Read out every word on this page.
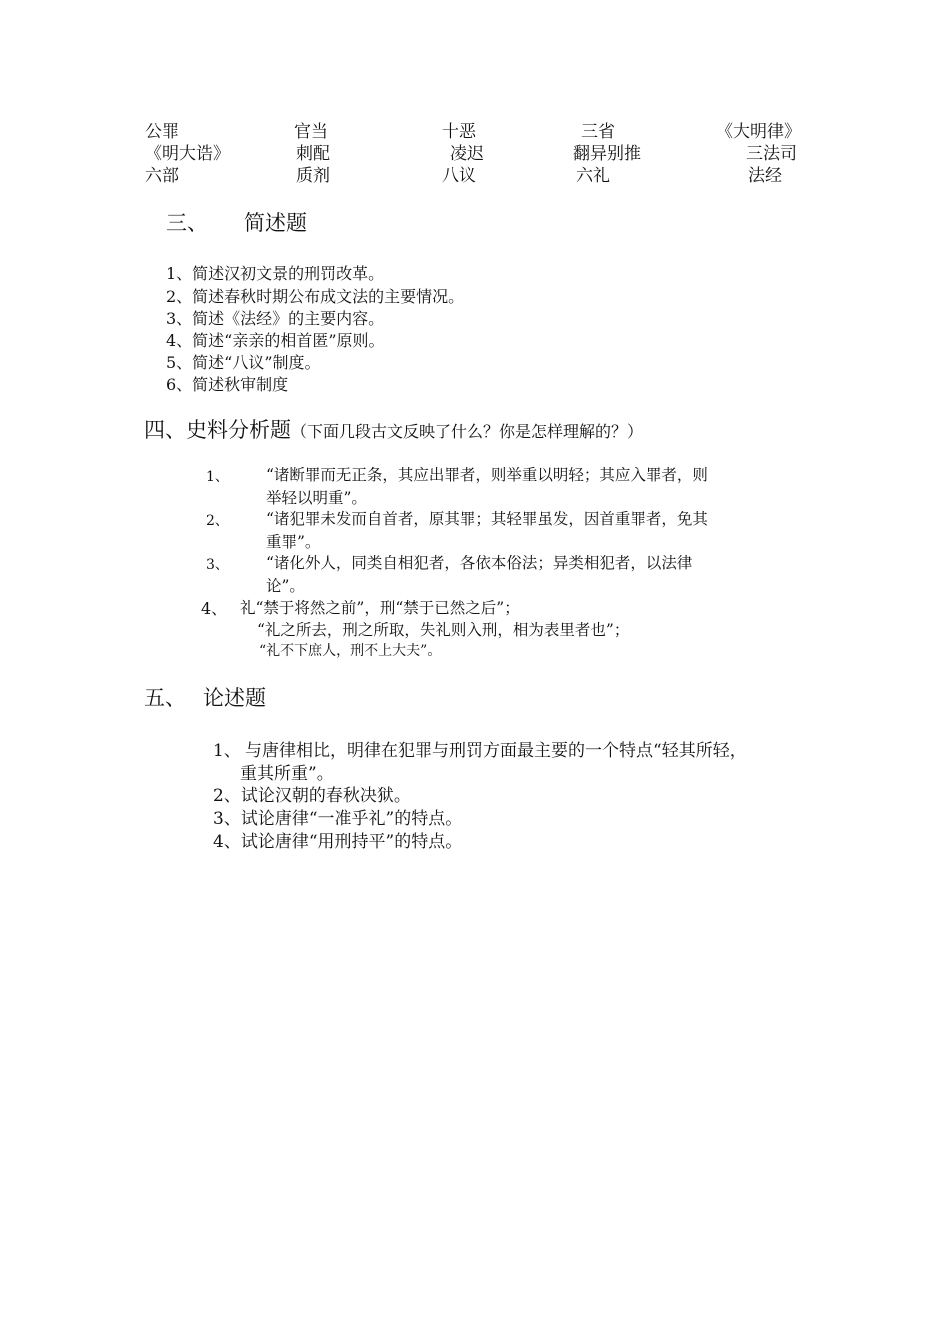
公罪	官当	十恶	三省	《大明律》
《明大诰》	刺配	凌迟	翻异别推	三法司
六部	质剂	八议	六礼	法经
三、 简述题
1、简述汉初文景的刑罚改革。
2、简述春秋时期公布成文法的主要情况。
3、简述《法经》的主要内容。
4、简述“亲亲的相首匿”原则。
5、简述“八议”制度。
6、简述秋审制度
四、史料分析题（下面几段古文反映了什么？你是怎样理解的？）
1、 “诸断罪而无正条，其应出罪者，则举重以明轻；其应入罪者，则
举轻以明重”。
2、 “诸犯罪未发而自首者，原其罪；其轻罪虽发，因首重罪者，免其
重罪”。
3、 “诸化外人，同类自相犯者，各依本俗法；异类相犯者，以法律
论”。
4、 礼“禁于将然之前”，刑“禁于已然之后”；
“礼之所去，刑之所取，失礼则入刑，相为表里者也”；
“礼不下庶人，刑不上大夫”。
五、 论述题
1、 与唐律相比，明律在犯罪与刑罚方面最主要的一个特点“轻其所轻，
重其所重”。
2、试论汉朝的春秋决狱。
3、试论唐律“一准乎礼”的特点。
4、试论唐律“用刑持平”的特点。
